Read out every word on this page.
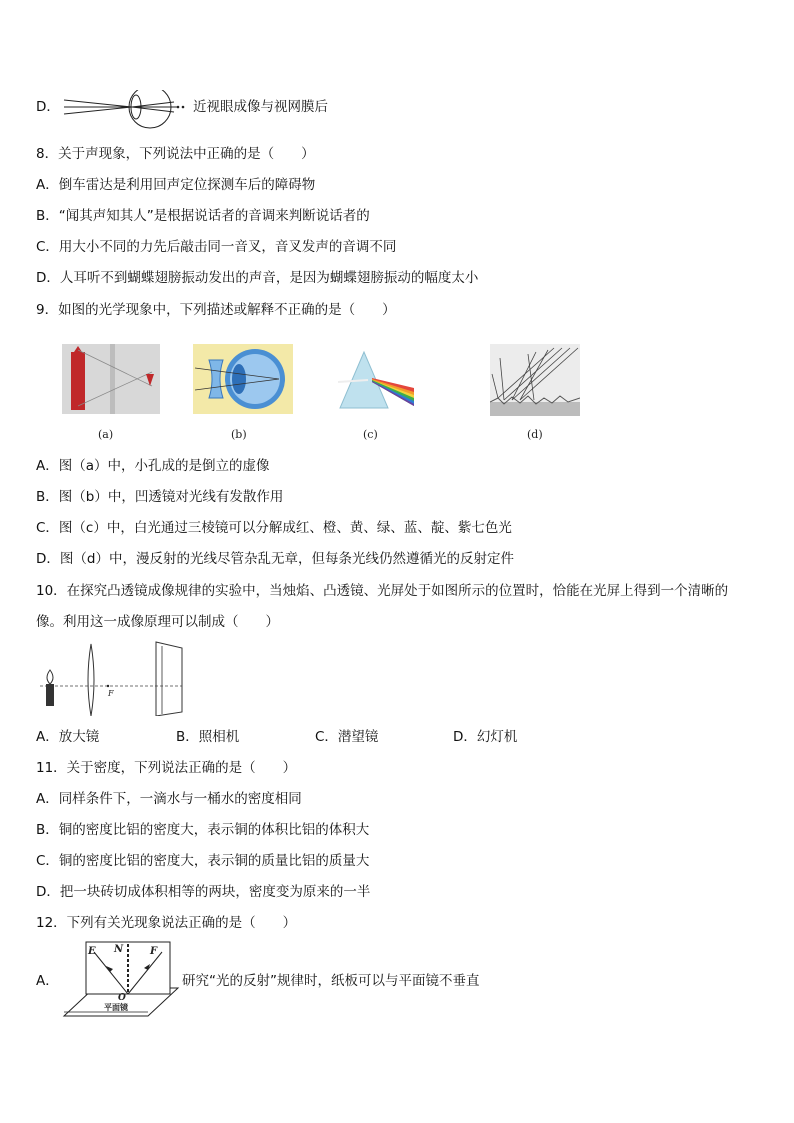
D．	近视眼成像与视网膜后
8．关于声现象，下列说法中正确的是（　　）
A．倒车雷达是利用回声定位探测车后的障碍物
B．“闻其声知其人”是根据说话者的音调来判断说话者的
C．用大小不同的力先后敲击同一音叉，音叉发声的音调不同
D．人耳听不到蝴蝶翅膀振动发出的声音，是因为蝴蝶翅膀振动的幅度太小
9．如图的光学现象中，下列描述或解释不正确的是（　　）
(a)	(b)	(c)	(d)
A．图（a）中，小孔成的是倒立的虚像
B．图（b）中，凹透镜对光线有发散作用
C．图（c）中，白光通过三棱镜可以分解成红、橙、黄、绿、蓝、靛、紫七色光
D．图（d）中，漫反射的光线尽管杂乱无章，但每条光线仍然遵循光的反射定件
10．在探究凸透镜成像规律的实验中，当烛焰、凸透镜、光屏处于如图所示的位置时，恰能在光屏上得到一个清晰的
像。利用这一成像原理可以制成（　　）
F
A．放大镜	B．照相机	C．潜望镜	D．幻灯机
11．关于密度，下列说法正确的是（　　）
A．同样条件下，一滴水与一桶水的密度相同
B．铜的密度比铝的密度大，表示铜的体积比铝的体积大
C．铜的密度比铝的密度大，表示铜的质量比铝的质量大
D．把一块砖切成体积相等的两块，密度变为原来的一半
12．下列有关光现象说法正确的是（　　）
A．
E N	F
O
平面镜
研究“光的反射”规律时，纸板可以与平面镜不垂直
